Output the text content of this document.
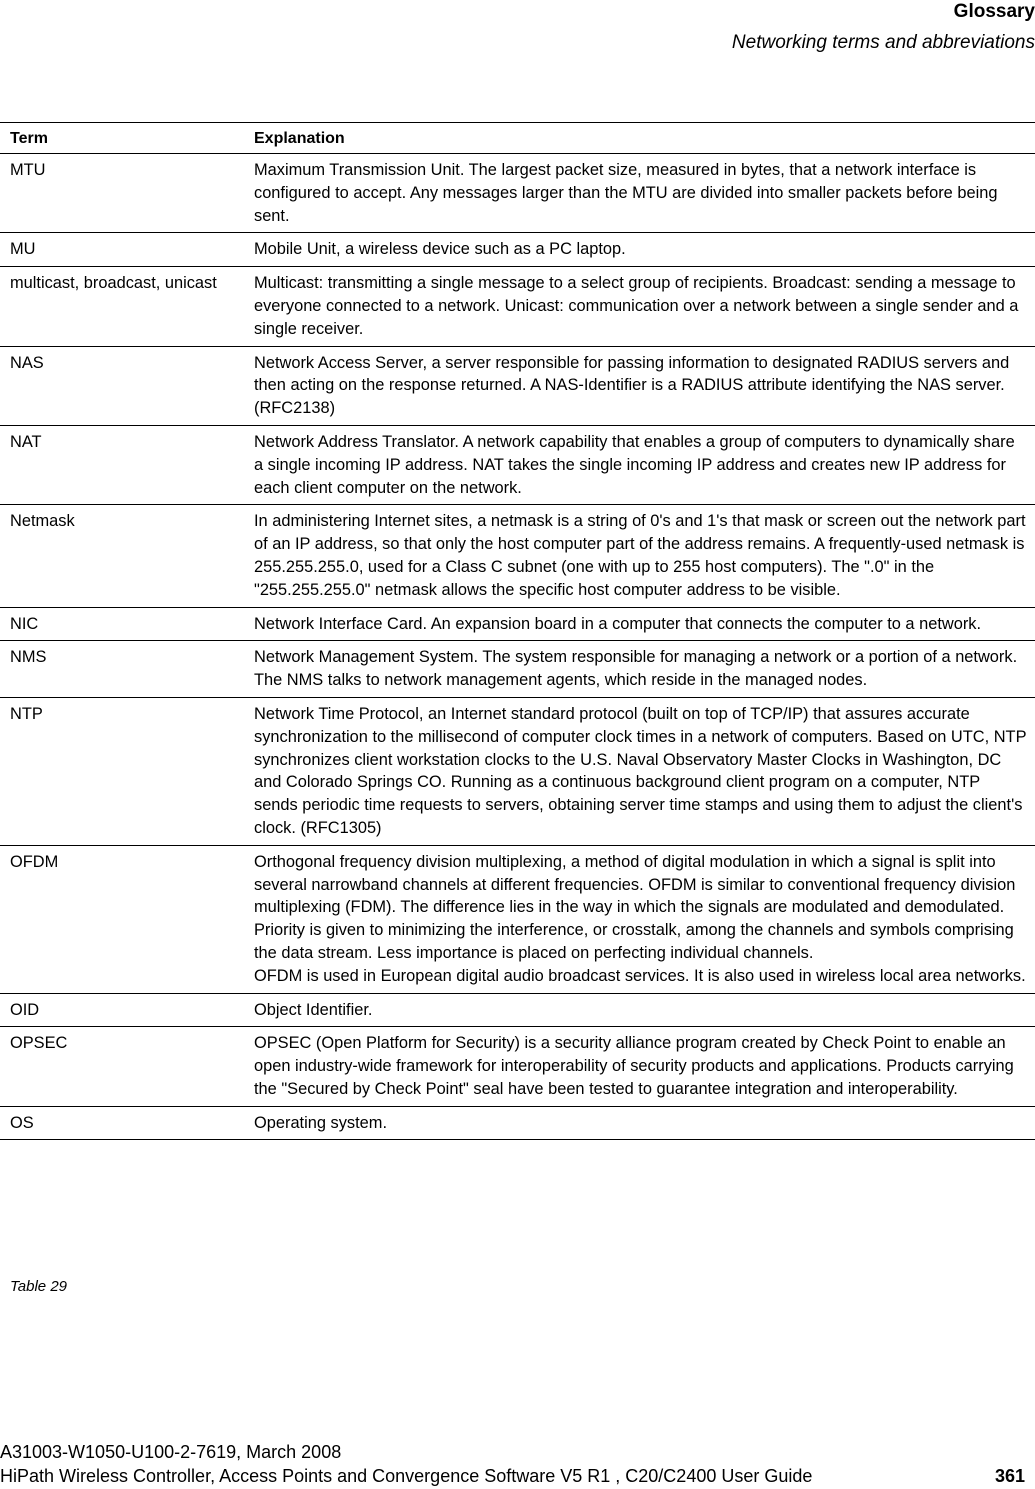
Glossary
Networking terms and abbreviations
Term	Explanation
MTU	Maximum Transmission Unit. The largest packet size, measured in bytes, that a network interface is configured to accept. Any messages larger than the MTU are divided into smaller packets before being sent.
MU	Mobile Unit, a wireless device such as a PC laptop.
multicast, broadcast, unicast	Multicast: transmitting a single message to a select group of recipients. Broadcast: sending a message to everyone connected to a network. Unicast: communication over a network between a single sender and a single receiver.
NAS	Network Access Server, a server responsible for passing information to designated RADIUS servers and then acting on the response returned. A NAS-Identifier is a RADIUS attribute identifying the NAS server. (RFC2138)
NAT	Network Address Translator. A network capability that enables a group of computers to dynamically share a single incoming IP address. NAT takes the single incoming IP address and creates new IP address for each client computer on the network.
Netmask	In administering Internet sites, a netmask is a string of 0's and 1's that mask or screen out the network part of an IP address, so that only the host computer part of the address remains. A frequently-used netmask is 255.255.255.0, used for a Class C subnet (one with up to 255 host computers). The ".0" in the "255.255.255.0" netmask allows the specific host computer address to be visible.
NIC	Network Interface Card. An expansion board in a computer that connects the computer to a network.
NMS	Network Management System. The system responsible for managing a network or a portion of a network. The NMS talks to network management agents, which reside in the managed nodes.
NTP	Network Time Protocol, an Internet standard protocol (built on top of TCP/IP) that assures accurate synchronization to the millisecond of computer clock times in a network of computers. Based on UTC, NTP synchronizes client workstation clocks to the U.S. Naval Observatory Master Clocks in Washington, DC and Colorado Springs CO. Running as a continuous background client program on a computer, NTP sends periodic time requests to servers, obtaining server time stamps and using them to adjust the client's clock. (RFC1305)
OFDM	Orthogonal frequency division multiplexing, a method of digital modulation in which a signal is split into several narrowband channels at different frequencies. OFDM is similar to conventional frequency division multiplexing (FDM). The difference lies in the way in which the signals are modulated and demodulated. Priority is given to minimizing the interference, or crosstalk, among the channels and symbols comprising the data stream. Less importance is placed on perfecting individual channels.
OFDM is used in European digital audio broadcast services. It is also used in wireless local area networks.
OID	Object Identifier.
OPSEC	OPSEC (Open Platform for Security) is a security alliance program created by Check Point to enable an open industry-wide framework for interoperability of security products and applications. Products carrying the "Secured by Check Point" seal have been tested to guarantee integration and interoperability.
OS	Operating system.
Table 29
A31003-W1050-U100-2-7619, March 2008
HiPath Wireless Controller, Access Points and Convergence Software V5 R1 , C20/C2400 User Guide	361
